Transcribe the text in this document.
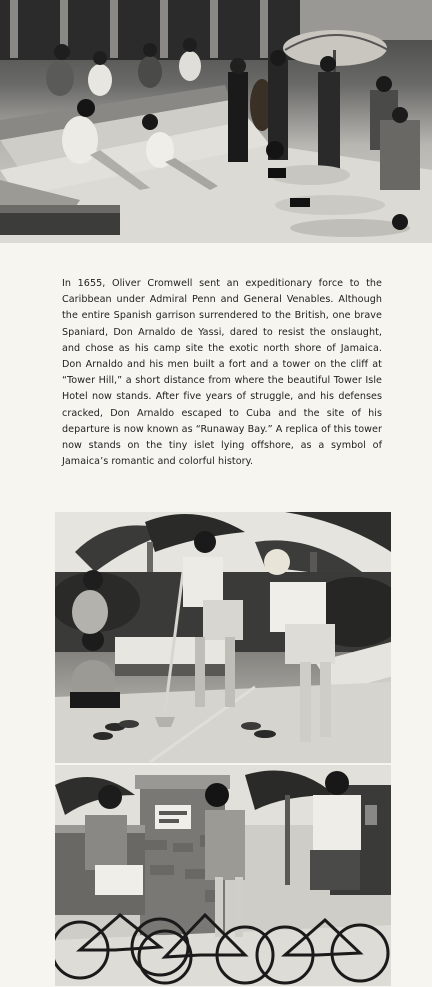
In 1655, Oliver Cromwell sent an expeditionary force to the Caribbean under Admiral Penn and General Venables. Although the entire Spanish garrison surrendered to the British, one brave Spaniard, Don Arnaldo de Yassi, dared to resist the onslaught, and chose as his camp site the exotic north shore of Jamaica. Don Arnaldo and his men built a fort and a tower on the cliff at “Tower Hill,” a short distance from where the beautiful Tower Isle Hotel now stands. After five years of struggle, and his defenses cracked, Don Arnaldo escaped to Cuba and the site of his departure is now known as “Runaway Bay.” A replica of this tower now stands on the tiny islet lying offshore, as a symbol of Jamaica’s romantic and colorful history.
